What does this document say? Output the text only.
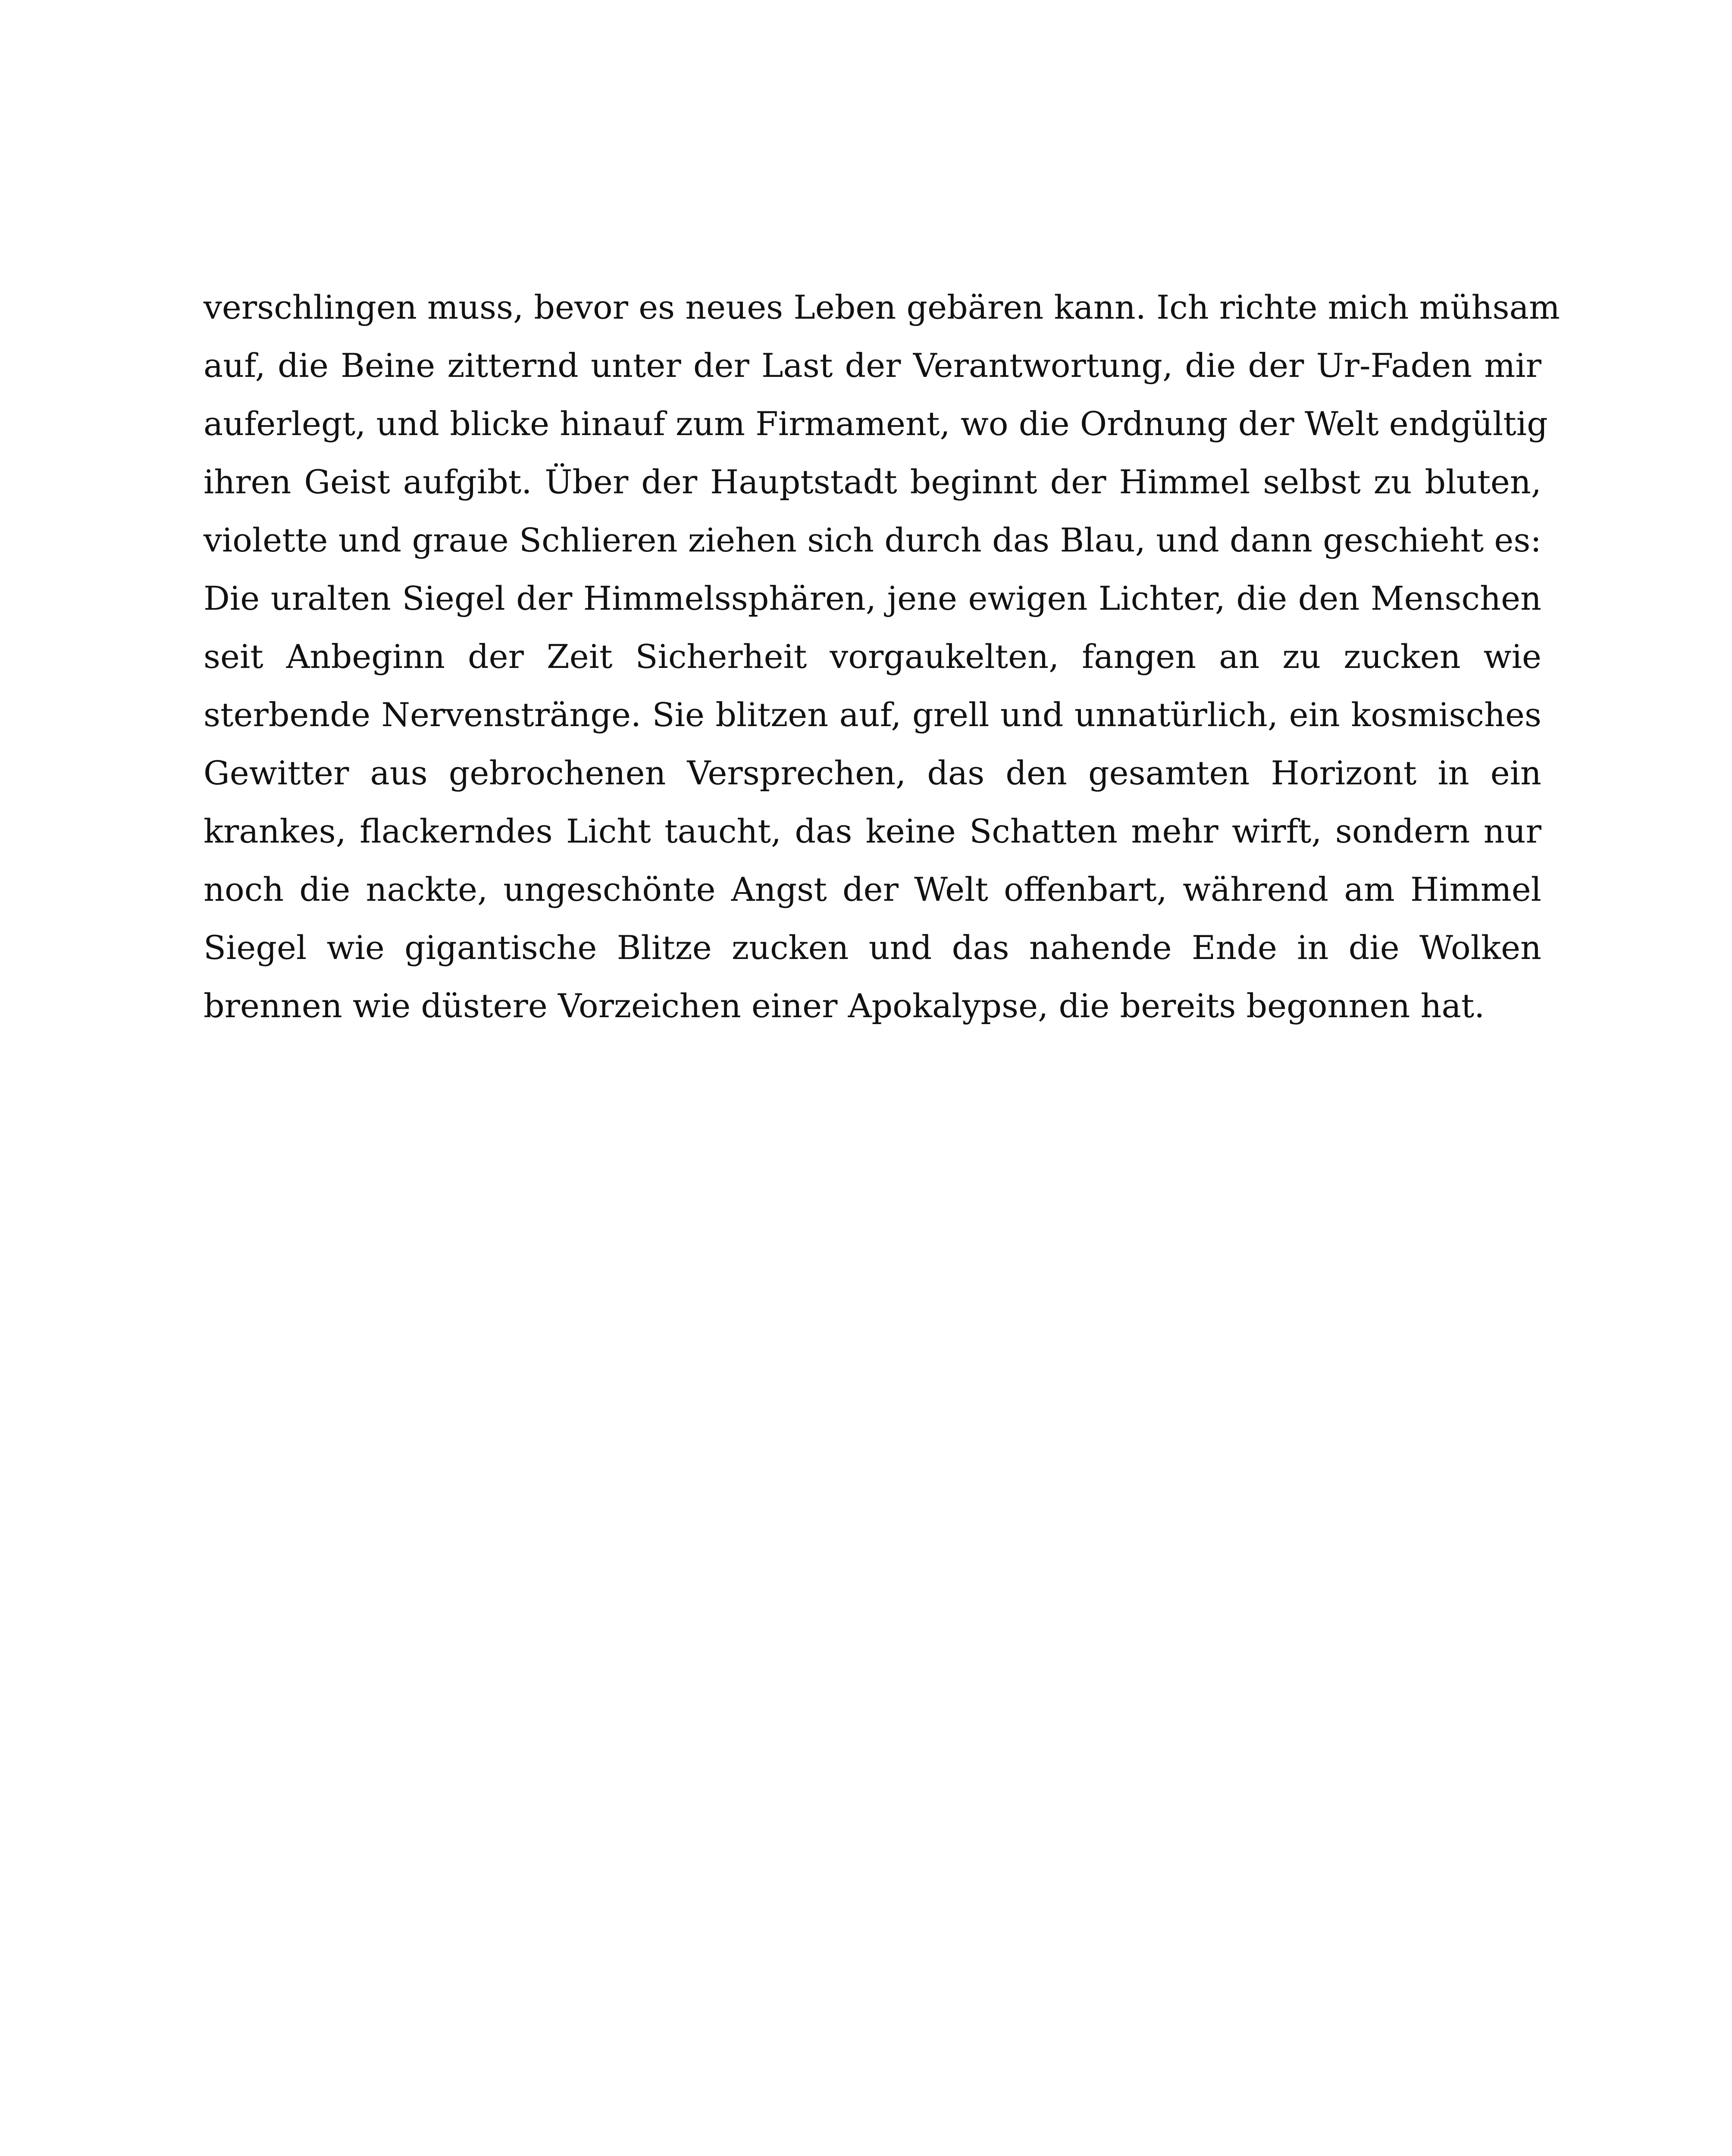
verschlingen muss, bevor es neues Leben gebären kann. Ich richte mich mühsam
auf, die Beine zitternd unter der Last der Verantwortung, die der Ur-Faden mir
auferlegt, und blicke hinauf zum Firmament, wo die Ordnung der Welt endgültig
ihren Geist aufgibt. Über der Hauptstadt beginnt der Himmel selbst zu bluten,
violette und graue Schlieren ziehen sich durch das Blau, und dann geschieht es:
Die uralten Siegel der Himmelssphären, jene ewigen Lichter, die den Menschen
seit Anbeginn der Zeit Sicherheit vorgaukelten, fangen an zu zucken wie
sterbende Nervenstränge. Sie blitzen auf, grell und unnatürlich, ein kosmisches
Gewitter aus gebrochenen Versprechen, das den gesamten Horizont in ein
krankes, flackerndes Licht taucht, das keine Schatten mehr wirft, sondern nur
noch die nackte, ungeschönte Angst der Welt offenbart, während am Himmel
Siegel wie gigantische Blitze zucken und das nahende Ende in die Wolken
brennen wie düstere Vorzeichen einer Apokalypse, die bereits begonnen hat.
